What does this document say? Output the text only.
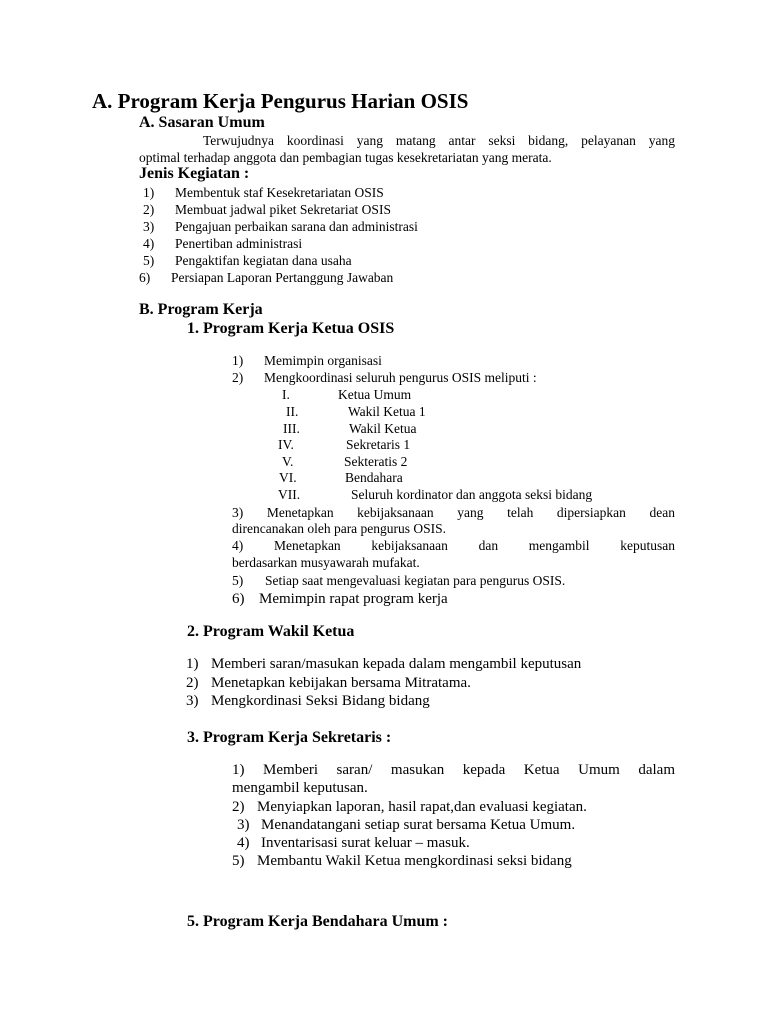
A. Program Kerja Pengurus Harian OSIS
A. Sasaran Umum
Terwujudnya koordinasi yang matang antar seksi bidang, pelayanan yang
optimal terhadap anggota dan pembagian tugas kesekretariatan yang merata.
Jenis Kegiatan :
1) Membentuk staf Kesekretariatan OSIS
2) Membuat jadwal piket Sekretariat OSIS
3) Pengajuan perbaikan sarana dan administrasi
4) Penertiban administrasi
5) Pengaktifan kegiatan dana usaha
6) Persiapan Laporan Pertanggung Jawaban
B. Program Kerja
1. Program Kerja Ketua OSIS
1) Memimpin organisasi
2) Mengkoordinasi seluruh pengurus OSIS meliputi :
I.	Ketua Umum
II.	Wakil Ketua 1
III.	Wakil Ketua
IV.	Sekretaris 1
V.	Sekteratis 2
VI.	Bendahara
VII.	Seluruh kordinator dan anggota seksi bidang
3) Menetapkan kebijaksanaan yang telah dipersiapkan dean
direncanakan oleh para pengurus OSIS.
4) Menetapkan kebijaksanaan dan mengambil keputusan
berdasarkan musyawarah mufakat.
5) Setiap saat mengevaluasi kegiatan para pengurus OSIS.
6) Memimpin rapat program kerja
2. Program Wakil Ketua
1) Memberi saran/masukan kepada dalam mengambil keputusan
2) Menetapkan kebijakan bersama Mitratama.
3) Mengkordinasi Seksi Bidang bidang
3. Program Kerja Sekretaris :
1) Memberi saran/ masukan kepada Ketua Umum dalam
mengambil keputusan.
2) Menyiapkan laporan, hasil rapat,dan evaluasi kegiatan.
3) Menandatangani setiap surat bersama Ketua Umum.
4) Inventarisasi surat keluar – masuk.
5) Membantu Wakil Ketua mengkordinasi seksi bidang
5. Program Kerja Bendahara Umum :
